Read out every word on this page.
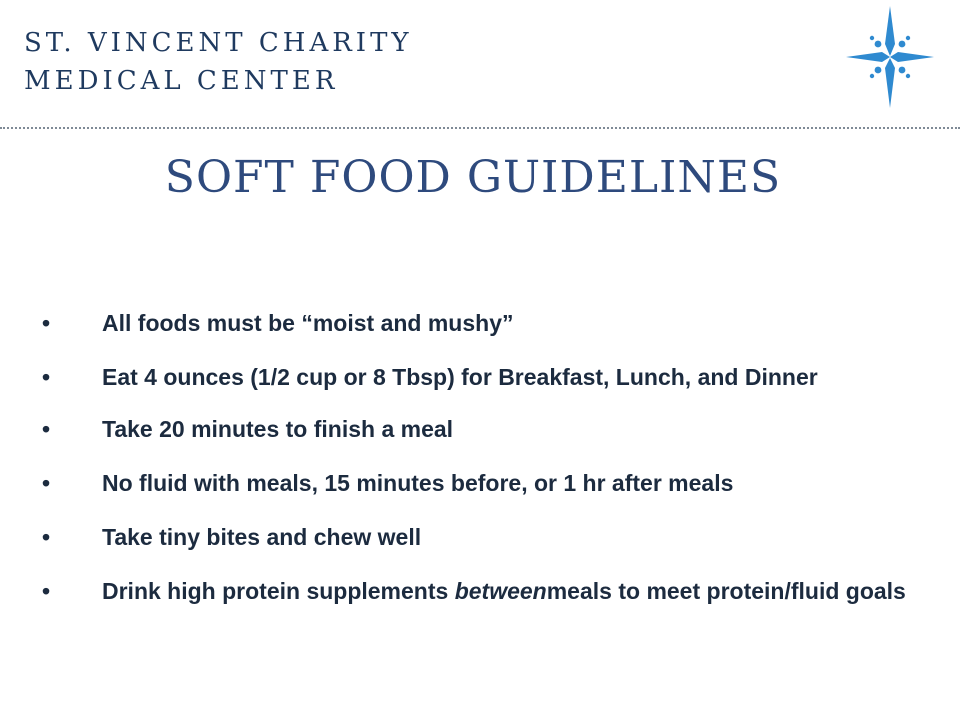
ST. VINCENT CHARITY
MEDICAL CENTER
SOFT FOOD GUIDELINES
• All foods must be “moist and mushy”
• Eat 4 ounces (1/2 cup or 8 Tbsp) for Breakfast, Lunch, and Dinner
• Take 20 minutes to finish a meal
• No fluid with meals, 15 minutes before, or 1 hr after meals
• Take tiny bites and chew well
• Drink high protein supplements betweenmeals to meet protein/fluid goals
